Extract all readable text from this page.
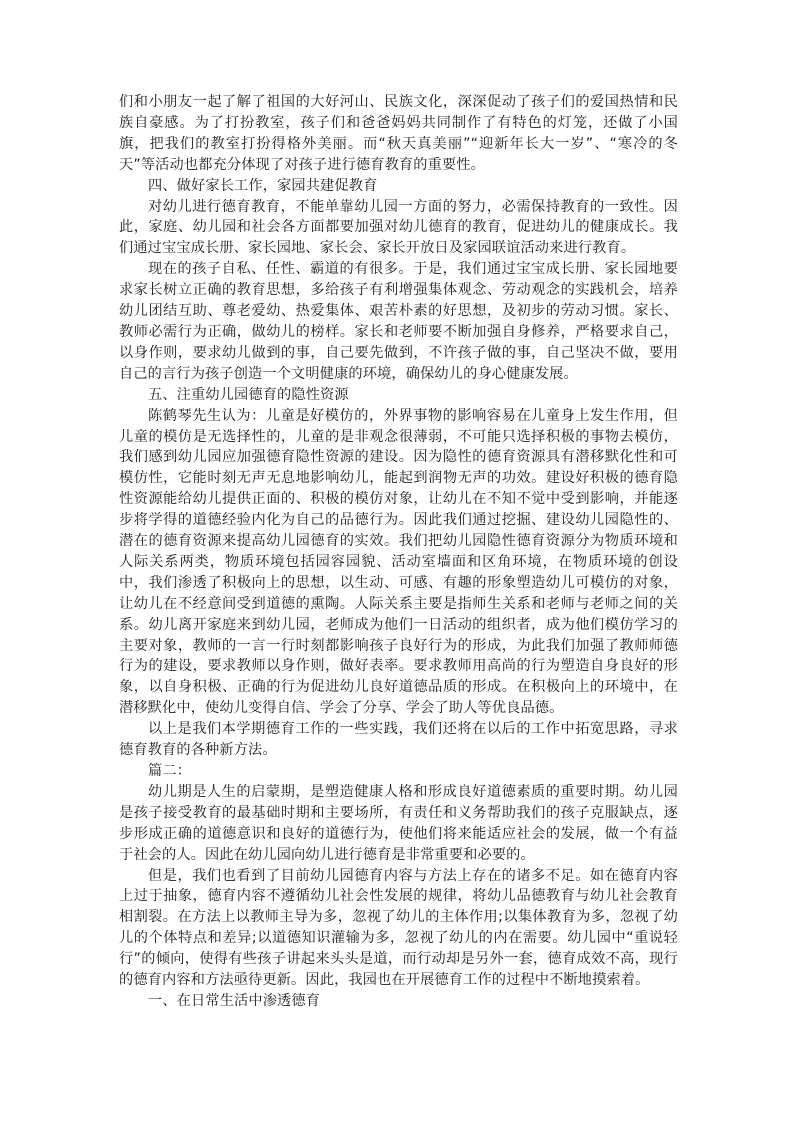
们和小朋友一起了解了祖国的大好河山、民族文化，深深促动了孩子们的爱国热情和民族自豪感。为了打扮教室，孩子们和爸爸妈妈共同制作了有特色的灯笼，还做了小国旗，把我们的教室打扮得格外美丽。而“秋天真美丽”“迎新年长大一岁”、“寒冷的冬天”等活动也都充分体现了对孩子进行德育教育的重要性。

四、做好家长工作，家园共建促教育

对幼儿进行德育教育，不能单靠幼儿园一方面的努力，必需保持教育的一致性。因此，家庭、幼儿园和社会各方面都要加强对幼儿德育的教育，促进幼儿的健康成长。我们通过宝宝成长册、家长园地、家长会、家长开放日及家园联谊活动来进行教育。

现在的孩子自私、任性、霸道的有很多。于是，我们通过宝宝成长册、家长园地要求家长树立正确的教育思想，多给孩子有利增强集体观念、劳动观念的实践机会，培养幼儿团结互助、尊老爱幼、热爱集体、艰苦朴素的好思想，及初步的劳动习惯。家长、教师必需行为正确，做幼儿的榜样。家长和老师要不断加强自身修养，严格要求自己，以身作则，要求幼儿做到的事，自己要先做到，不许孩子做的事，自己坚决不做，要用自己的言行为孩子创造一个文明健康的环境，确保幼儿的身心健康发展。

五、注重幼儿园德育的隐性资源

陈鹤琴先生认为：儿童是好模仿的，外界事物的影响容易在儿童身上发生作用，但儿童的模仿是无选择性的，儿童的是非观念很薄弱，不可能只选择积极的事物去模仿，我们感到幼儿园应加强德育隐性资源的建设。因为隐性的德育资源具有潜移默化性和可模仿性，它能时刻无声无息地影响幼儿，能起到润物无声的功效。建设好积极的德育隐性资源能给幼儿提供正面的、积极的模仿对象，让幼儿在不知不觉中受到影响，并能逐步将学得的道德经验内化为自己的品德行为。因此我们通过挖掘、建设幼儿园隐性的、潜在的德育资源来提高幼儿园德育的实效。我们把幼儿园隐性德育资源分为物质环境和人际关系两类，物质环境包括园容园貌、活动室墙面和区角环境，在物质环境的创设中，我们渗透了积极向上的思想，以生动、可感、有趣的形象塑造幼儿可模仿的对象，让幼儿在不经意间受到道德的熏陶。人际关系主要是指师生关系和老师与老师之间的关系。幼儿离开家庭来到幼儿园，老师成为他们一日活动的组织者，成为他们模仿学习的主要对象，教师的一言一行时刻都影响孩子良好行为的形成，为此我们加强了教师师德行为的建设，要求教师以身作则，做好表率。要求教师用高尚的行为塑造自身良好的形象，以自身积极、正确的行为促进幼儿良好道德品质的形成。在积极向上的环境中，在潜移默化中，使幼儿变得自信、学会了分享、学会了助人等优良品德。

以上是我们本学期德育工作的一些实践，我们还将在以后的工作中拓宽思路，寻求德育教育的各种新方法。

篇二：

幼儿期是人生的启蒙期，是塑造健康人格和形成良好道德素质的重要时期。幼儿园是孩子接受教育的最基础时期和主要场所，有责任和义务帮助我们的孩子克服缺点，逐步形成正确的道德意识和良好的道德行为，使他们将来能适应社会的发展，做一个有益于社会的人。因此在幼儿园向幼儿进行德育是非常重要和必要的。

但是，我们也看到了目前幼儿园德育内容与方法上存在的诸多不足。如在德育内容上过于抽象，德育内容不遵循幼儿社会性发展的规律，将幼儿品德教育与幼儿社会教育相割裂。在方法上以教师主导为多，忽视了幼儿的主体作用;以集体教育为多，忽视了幼儿的个体特点和差异;以道德知识灌输为多，忽视了幼儿的内在需要。幼儿园中“重说轻行”的倾向，使得有些孩子讲起来头头是道，而行动却是另外一套，德育成效不高，现行的德育内容和方法亟待更新。因此，我园也在开展德育工作的过程中不断地摸索着。

一、在日常生活中渗透德育
